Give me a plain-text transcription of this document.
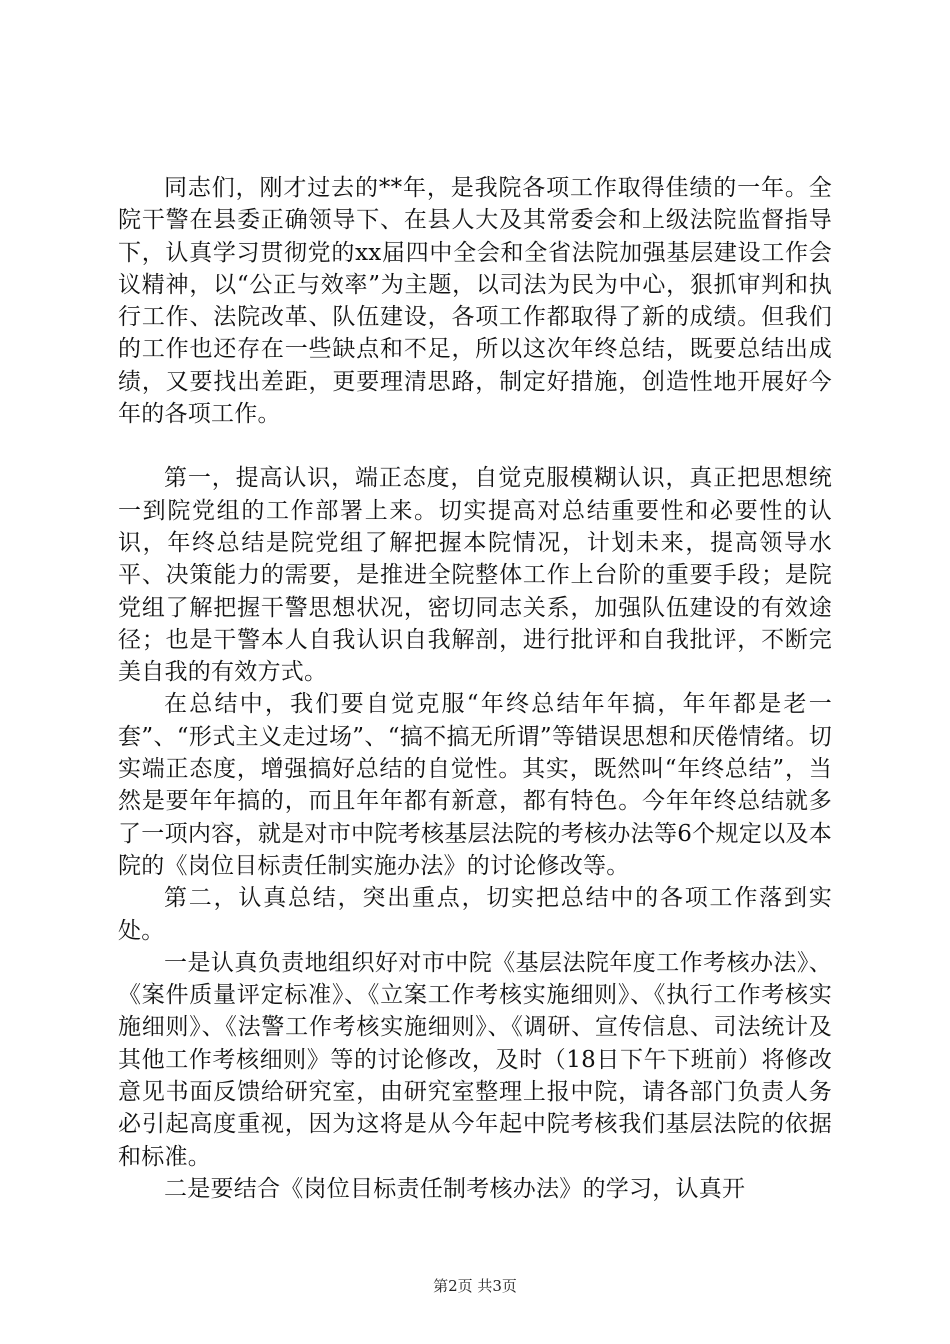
同志们，刚才过去的**年，是我院各项工作取得佳绩的一年。全院干警在县委正确领导下、在县人大及其常委会和上级法院监督指导下，认真学习贯彻党的xx届四中全会和全省法院加强基层建设工作会议精神，以“公正与效率”为主题，以司法为民为中心，狠抓审判和执行工作、法院改革、队伍建设，各项工作都取得了新的成绩。但我们的工作也还存在一些缺点和不足，所以这次年终总结，既要总结出成绩，又要找出差距，更要理清思路，制定好措施，创造性地开展好今年的各项工作。

第一，提高认识，端正态度，自觉克服模糊认识，真正把思想统一到院党组的工作部署上来。切实提高对总结重要性和必要性的认识，年终总结是院党组了解把握本院情况，计划未来，提高领导水平、决策能力的需要，是推进全院整体工作上台阶的重要手段；是院党组了解把握干警思想状况，密切同志关系，加强队伍建设的有效途径；也是干警本人自我认识自我解剖，进行批评和自我批评，不断完美自我的有效方式。

在总结中，我们要自觉克服“年终总结年年搞，年年都是老一套”、“形式主义走过场”、“搞不搞无所谓”等错误思想和厌倦情绪。切实端正态度，增强搞好总结的自觉性。其实，既然叫“年终总结”，当然是要年年搞的，而且年年都有新意，都有特色。今年年终总结就多了一项内容，就是对市中院考核基层法院的考核办法等6个规定以及本院的《岗位目标责任制实施办法》的讨论修改等。

第二，认真总结，突出重点，切实把总结中的各项工作落到实处。

一是认真负责地组织好对市中院《基层法院年度工作考核办法》、《案件质量评定标准》、《立案工作考核实施细则》、《执行工作考核实施细则》、《法警工作考核实施细则》、《调研、宣传信息、司法统计及其他工作考核细则》等的讨论修改，及时（18日下午下班前）将修改意见书面反馈给研究室，由研究室整理上报中院，请各部门负责人务必引起高度重视，因为这将是从今年起中院考核我们基层法院的依据和标准。

二是要结合《岗位目标责任制考核办法》的学习，认真开

第2页 共3页
